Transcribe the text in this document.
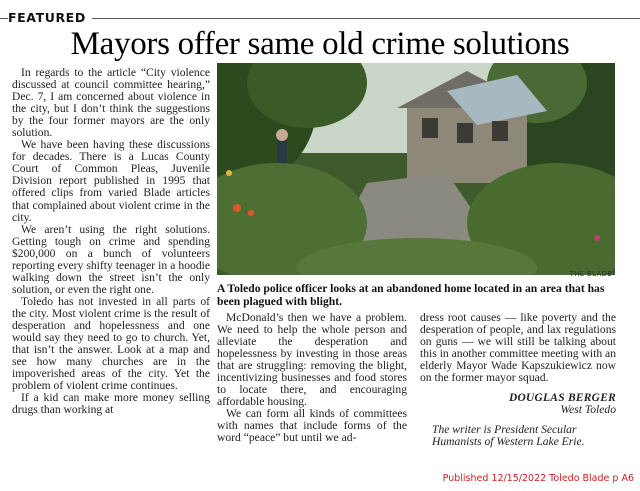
FEATURED
Mayors offer same old crime solutions

In regards to the article “City violence discussed at council committee hearing,” Dec. 7, I am concerned about violence in the city, but I don’t think the suggestions by the four former mayors are the only solution.

We have been having these discussions for decades. There is a Lucas County Court of Common Pleas, Juvenile Division report published in 1995 that offered clips from varied Blade articles that complained about violent crime in the city.

We aren’t using the right solutions. Getting tough on crime and spending $200,000 on a bunch of volunteers reporting every shifty teenager in a hoodie walking down the street isn’t the only solution, or even the right one.

Toledo has not invested in all parts of the city. Most violent crime is the result of desperation and hopelessness and one would say they need to go to church. Yet, that isn’t the answer. Look at a map and see how many churches are in the impoverished areas of the city. Yet the problem of violent crime continues.

If a kid can make more money selling drugs than working at

THE BLADE
A Toledo police officer looks at an abandoned home located in an area that has been plagued with blight.

McDonald’s then we have a problem. We need to help the whole person and alleviate the desperation and hopelessness by investing in those areas that are struggling: removing the blight, incentivizing businesses and food stores to locate there, and encouraging affordable housing.

We can form all kinds of committees with names that include forms of the word “peace” but until we ad-

dress root causes — like poverty and the desperation of people, and lax regulations on guns — we will still be talking about this in another committee meeting with an elderly Mayor Wade Kapszukiewicz now on the former mayor squad.

DOUGLAS BERGER

West Toledo

The writer is President Secular Humanists of Western Lake Erie.

Published 12/15/2022 Toledo Blade p A6
